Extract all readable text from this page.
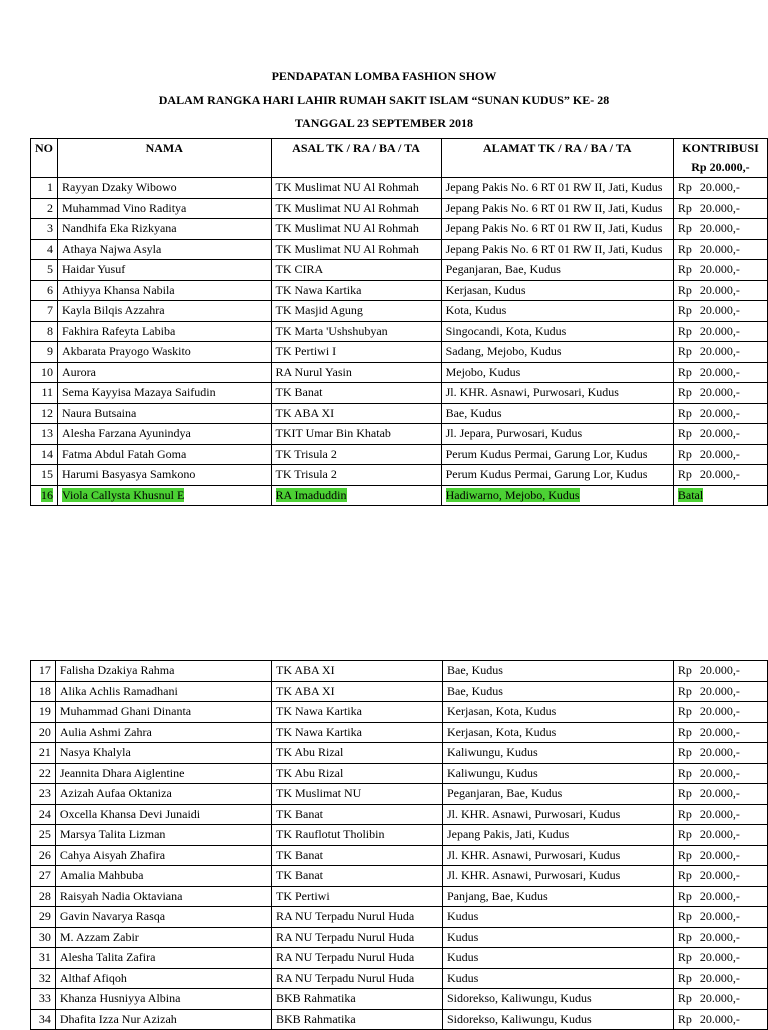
PENDAPATAN LOMBA FASHION SHOW
DALAM RANGKA HARI LAHIR RUMAH SAKIT ISLAM “SUNAN KUDUS” KE- 28
TANGGAL 23 SEPTEMBER 2018
NO	NAMA	ASAL TK / RA / BA / TA	ALAMAT TK / RA / BA / TA	KONTRIBUSI
Rp 20.000,-

1	Rayyan Dzaky Wibowo	TK Muslimat NU Al Rohmah	Jepang Pakis No. 6 RT 01 RW II, Jati, Kudus	Rp 20.000,-
2	Muhammad Vino Raditya	TK Muslimat NU Al Rohmah	Jepang Pakis No. 6 RT 01 RW II, Jati, Kudus	Rp 20.000,-
3	Nandhifa Eka Rizkyana	TK Muslimat NU Al Rohmah	Jepang Pakis No. 6 RT 01 RW II, Jati, Kudus	Rp 20.000,-
4	Athaya Najwa Asyla	TK Muslimat NU Al Rohmah	Jepang Pakis No. 6 RT 01 RW II, Jati, Kudus	Rp 20.000,-
5	Haidar Yusuf	TK CIRA	Peganjaran, Bae, Kudus	Rp 20.000,-
6	Athiyya Khansa Nabila	TK Nawa Kartika	Kerjasan, Kudus	Rp 20.000,-
7	Kayla Bilqis Azzahra	TK Masjid Agung	Kota, Kudus	Rp 20.000,-
8	Fakhira Rafeyta Labiba	TK Marta 'Ushshubyan	Singocandi, Kota, Kudus	Rp 20.000,-
9	Akbarata Prayogo Waskito	TK Pertiwi I	Sadang, Mejobo, Kudus	Rp 20.000,-
10	Aurora	RA Nurul Yasin	Mejobo, Kudus	Rp 20.000,-
11	Sema Kayyisa Mazaya Saifudin	TK Banat	Jl. KHR. Asnawi, Purwosari, Kudus	Rp 20.000,-
12	Naura Butsaina	TK ABA XI	Bae, Kudus	Rp 20.000,-
13	Alesha Farzana Ayunindya	TKIT Umar Bin Khatab	Jl. Jepara, Purwosari, Kudus	Rp 20.000,-
14	Fatma Abdul Fatah Goma	TK Trisula 2	Perum Kudus Permai, Garung Lor, Kudus	Rp 20.000,-
15	Harumi Basyasya Samkono	TK Trisula 2	Perum Kudus Permai, Garung Lor, Kudus	Rp 20.000,-
16	Viola Callysta Khusnul E	RA Imaduddin	Hadiwarno, Mejobo, Kudus	Batal
17	Falisha Dzakiya Rahma	TK ABA XI	Bae, Kudus	Rp 20.000,-
18	Alika Achlis Ramadhani	TK ABA XI	Bae, Kudus	Rp 20.000,-
19	Muhammad Ghani Dinanta	TK Nawa Kartika	Kerjasan, Kota, Kudus	Rp 20.000,-
20	Aulia Ashmi Zahra	TK Nawa Kartika	Kerjasan, Kota, Kudus	Rp 20.000,-
21	Nasya Khalyla	TK Abu Rizal	Kaliwungu, Kudus	Rp 20.000,-
22	Jeannita Dhara Aiglentine	TK Abu Rizal	Kaliwungu, Kudus	Rp 20.000,-
23	Azizah Aufaa Oktaniza	TK Muslimat NU	Peganjaran, Bae, Kudus	Rp 20.000,-
24	Oxcella Khansa Devi Junaidi	TK Banat	Jl. KHR. Asnawi, Purwosari, Kudus	Rp 20.000,-
25	Marsya Talita Lizman	TK Rauflotut Tholibin	Jepang Pakis, Jati, Kudus	Rp 20.000,-
26	Cahya Aisyah Zhafira	TK Banat	Jl. KHR. Asnawi, Purwosari, Kudus	Rp 20.000,-
27	Amalia Mahbuba	TK Banat	Jl. KHR. Asnawi, Purwosari, Kudus	Rp 20.000,-
28	Raisyah Nadia Oktaviana	TK Pertiwi	Panjang, Bae, Kudus	Rp 20.000,-
29	Gavin Navarya Rasqa	RA NU Terpadu Nurul Huda	Kudus	Rp 20.000,-
30	M. Azzam Zabir	RA NU Terpadu Nurul Huda	Kudus	Rp 20.000,-
31	Alesha Talita Zafira	RA NU Terpadu Nurul Huda	Kudus	Rp 20.000,-
32	Althaf Afiqoh	RA NU Terpadu Nurul Huda	Kudus	Rp 20.000,-
33	Khanza Husniyya Albina	BKB Rahmatika	Sidorekso, Kaliwungu, Kudus	Rp 20.000,-
34	Dhafita Izza Nur Azizah	BKB Rahmatika	Sidorekso, Kaliwungu, Kudus	Rp 20.000,-
